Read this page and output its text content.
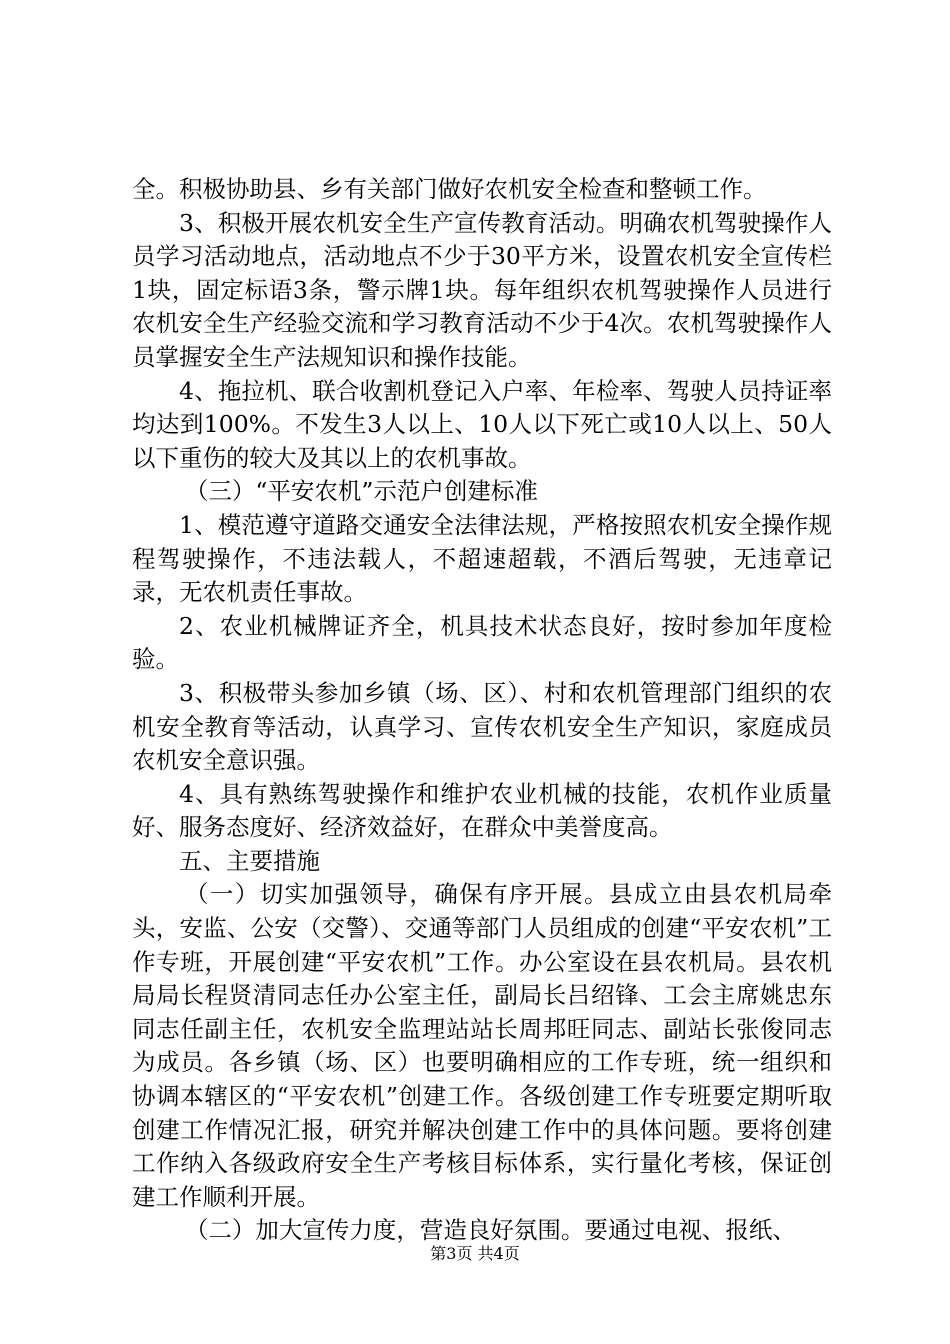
全。积极协助县、乡有关部门做好农机安全检查和整顿工作。

3、积极开展农机安全生产宣传教育活动。明确农机驾驶操作人员学习活动地点，活动地点不少于30平方米，设置农机安全宣传栏1块，固定标语3条，警示牌1块。每年组织农机驾驶操作人员进行农机安全生产经验交流和学习教育活动不少于4次。农机驾驶操作人员掌握安全生产法规知识和操作技能。

4、拖拉机、联合收割机登记入户率、年检率、驾驶人员持证率均达到100%。不发生3人以上、10人以下死亡或10人以上、50人以下重伤的较大及其以上的农机事故。

（三）“平安农机”示范户创建标准

1、模范遵守道路交通安全法律法规，严格按照农机安全操作规程驾驶操作，不违法载人，不超速超载，不酒后驾驶，无违章记录，无农机责任事故。

2、农业机械牌证齐全，机具技术状态良好，按时参加年度检验。

3、积极带头参加乡镇（场、区）、村和农机管理部门组织的农机安全教育等活动，认真学习、宣传农机安全生产知识，家庭成员农机安全意识强。

4、具有熟练驾驶操作和维护农业机械的技能，农机作业质量好、服务态度好、经济效益好，在群众中美誉度高。

五、主要措施

（一）切实加强领导，确保有序开展。县成立由县农机局牵头，安监、公安（交警）、交通等部门人员组成的创建“平安农机”工作专班，开展创建“平安农机”工作。办公室设在县农机局。县农机局局长程贤清同志任办公室主任，副局长吕绍锋、工会主席姚忠东同志任副主任，农机安全监理站站长周邦旺同志、副站长张俊同志为成员。各乡镇（场、区）也要明确相应的工作专班，统一组织和协调本辖区的“平安农机”创建工作。各级创建工作专班要定期听取创建工作情况汇报，研究并解决创建工作中的具体问题。要将创建工作纳入各级政府安全生产考核目标体系，实行量化考核，保证创建工作顺利开展。

（二）加大宣传力度，营造良好氛围。要通过电视、报纸、

第3页 共4页
